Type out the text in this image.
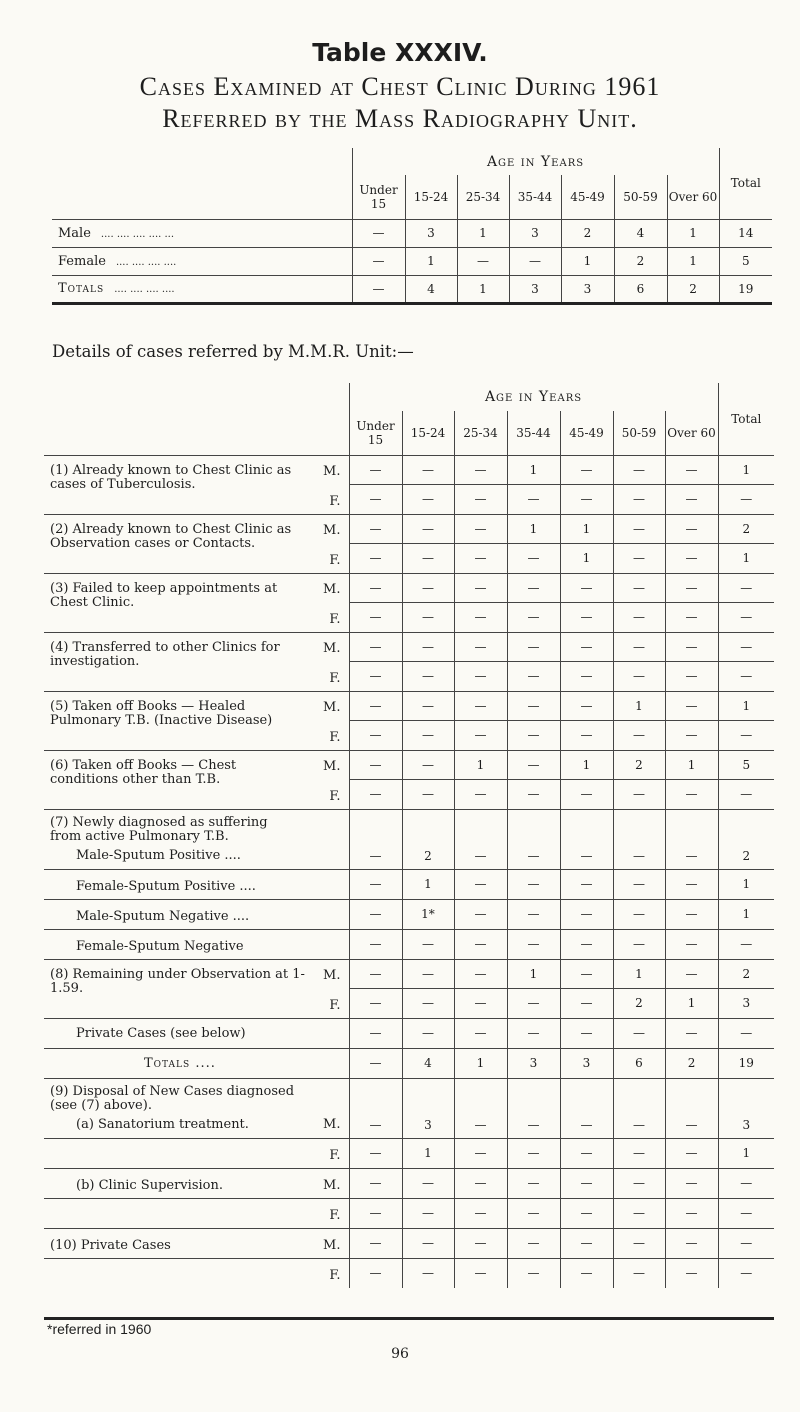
Table XXXIV.
Cases Examined at Chest Clinic During 1961
Referred by the Mass Radiography Unit.
	Age in Years							Total
	Under 15	15-24	25-34	35-44	45-49	50-59	Over 60	
Male .... .... .... .... ...	—	3	1	3	2	4	1	14
Female .... .... .... ....	—	1	—	—	1	2	1	5
Totals .... .... .... ....	—	4	1	3	3	6	2	19
Details of cases referred by M.M.R. Unit:—
	Age in Years							Total
	Under 15	15-24	25-34	35-44	45-49	50-59	Over 60	

(1) Already known to Chest Clinic as cases of Tuberculosis.
M.	—	—	—	1	—	—	—	1

F.	—	—	—	—	—	—	—	—

(2) Already known to Chest Clinic as Observation cases or Contacts.
M.	—	—	—	1	1	—	—	2

F.	—	—	—	—	1	—	—	1

(3) Failed to keep appointments at Chest Clinic.
M.	—	—	—	—	—	—	—	—

F.	—	—	—	—	—	—	—	—

(4) Transferred to other Clinics for investigation.
M.	—	—	—	—	—	—	—	—

F.	—	—	—	—	—	—	—	—

(5) Taken off Books — Healed Pulmonary T.B. (Inactive Disease)
M.	—	—	—	—	—	1	—	1

F.	—	—	—	—	—	—	—	—

(6) Taken off Books — Chest conditions other than T.B.
M.	—	—	1	—	1	2	1	5

F.	—	—	—	—	—	—	—	—

(7) Newly diagnosed as suffering from active Pulmonary T.B.
Male-Sputum Positive ....	—	2	—	—	—	—	—	2

Female-Sputum Positive ....	—	1	—	—	—	—	—	1

Male-Sputum Negative ....	—	1*	—	—	—	—	—	1

Female-Sputum Negative	—	—	—	—	—	—	—	—

(8) Remaining under Observation at 1-1.59.
M.	—	—	—	1	—	1	—	2

F.	—	—	—	—	—	2	1	3
Private Cases (see below)	—	—	—	—	—	—	—	—
Totals ....	—	4	1	3	3	6	2	19

(9) Disposal of New Cases diagnosed (see (7) above).
(a) Sanatorium treatment. M.	—	3	—	—	—	—	—	3

F.	—	1	—	—	—	—	—	1

(b) Clinic Supervision. M.	—	—	—	—	—	—	—	—

F.	—	—	—	—	—	—	—	—

(10) Private Cases M.	—	—	—	—	—	—	—	—

F.	—	—	—	—	—	—	—	—
*referred in 1960
96
